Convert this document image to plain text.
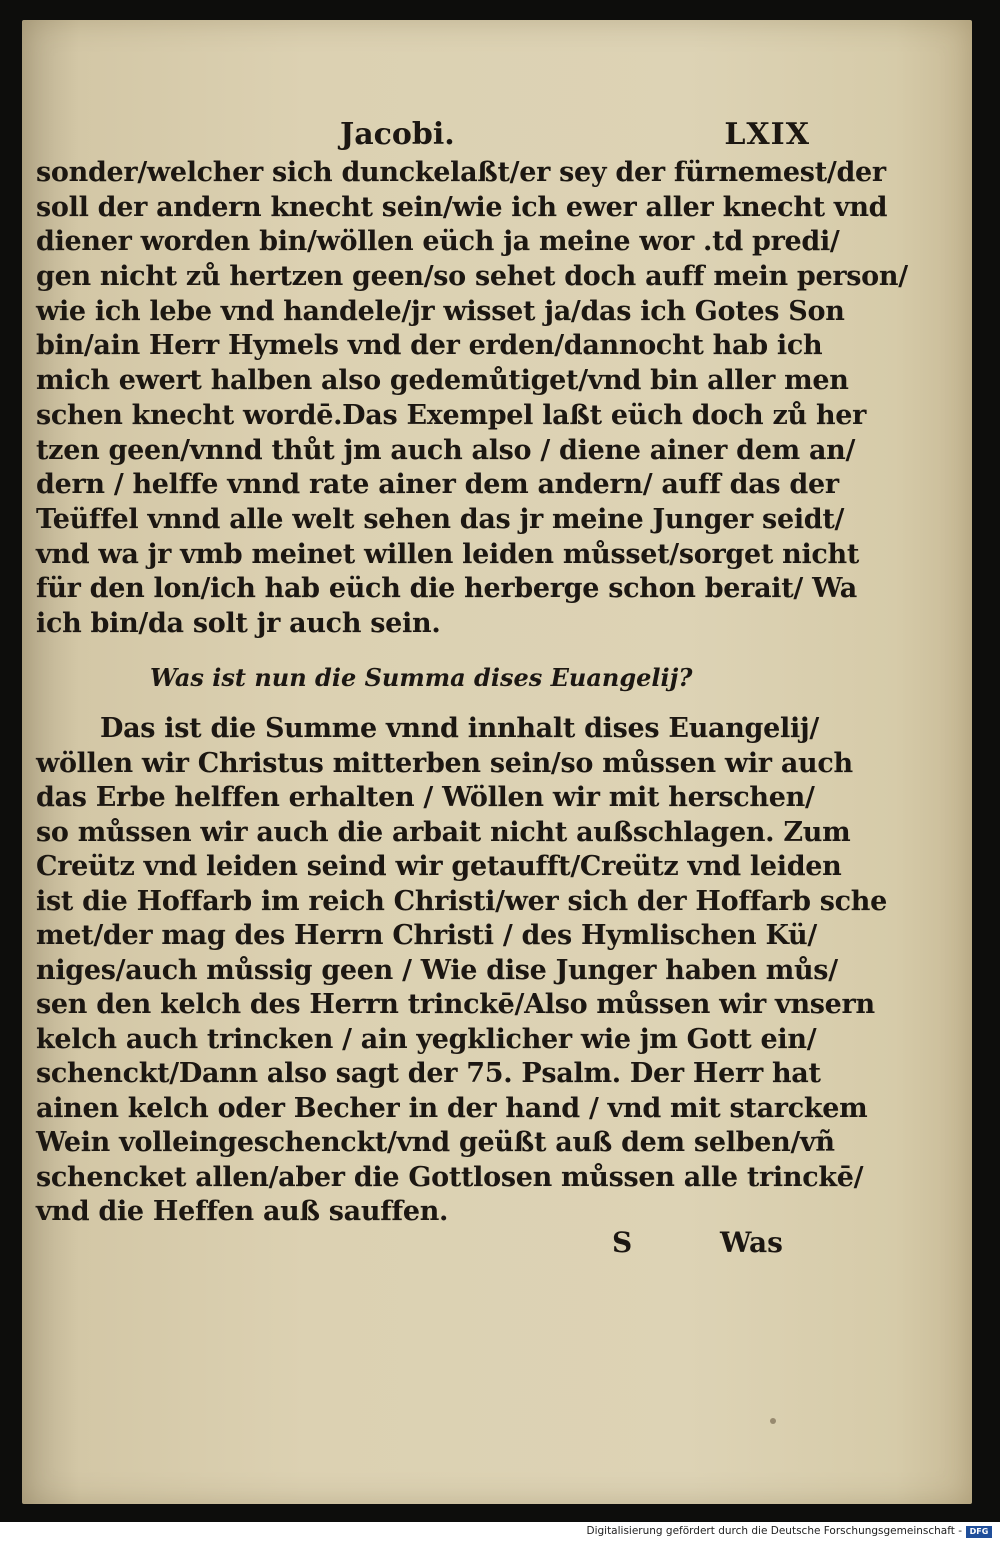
Jacobi.	LXIX
sonder/welcher sich dunckelaßt/er sey der fürnemest/der
soll der andern knecht sein/wie ich ewer aller knecht vnd
diener worden bin/wöllen eüch ja meine wor .td predi/
gen nicht zů hertzen geen/so sehet doch auff mein person/
wie ich lebe vnd handele/jr wisset ja/das ich Gotes Son
bin/ain Herr Hymels vnd der erden/dannocht hab ich
mich ewert halben also gedemůtiget/vnd bin aller men
schen knecht wordē.Das Exempel laßt eüch doch zů her
tzen geen/vnnd thůt jm auch also / diene ainer dem an/
dern / helffe vnnd rate ainer dem andern/ auff das der
Teüffel vnnd alle welt sehen das jr meine Junger seidt/
vnd wa jr vmb meinet willen leiden můsset/sorget nicht
für den lon/ich hab eüch die herberge schon berait/ Wa
ich bin/da solt jr auch sein.
Was ist nun die Summa dises Euangelij?
Das ist die Summe vnnd innhalt dises Euangelij/
wöllen wir Christus mitterben sein/so můssen wir auch
das Erbe helffen erhalten / Wöllen wir mit herschen/
so můssen wir auch die arbait nicht außschlagen. Zum
Creütz vnd leiden seind wir getaufft/Creütz vnd leiden
ist die Hoffarb im reich Christi/wer sich der Hoffarb sche
met/der mag des Herrn Christi / des Hymlischen Kü/
niges/auch můssig geen / Wie dise Junger haben můs/
sen den kelch des Herrn trinckē/Also můssen wir vnsern
kelch auch trincken / ain yegklicher wie jm Gott ein/
schenckt/Dann also sagt der 75. Psalm. Der Herr hat
ainen kelch oder Becher in der hand / vnd mit starckem
Wein volleingeschenckt/vnd geüßt auß dem selben/vñ
schencket allen/aber die Gottlosen můssen alle trinckē/
vnd die Heffen auß sauffen.
S	Was
Digitalisierung gefördert durch die Deutsche Forschungsgemeinschaft - DFG
